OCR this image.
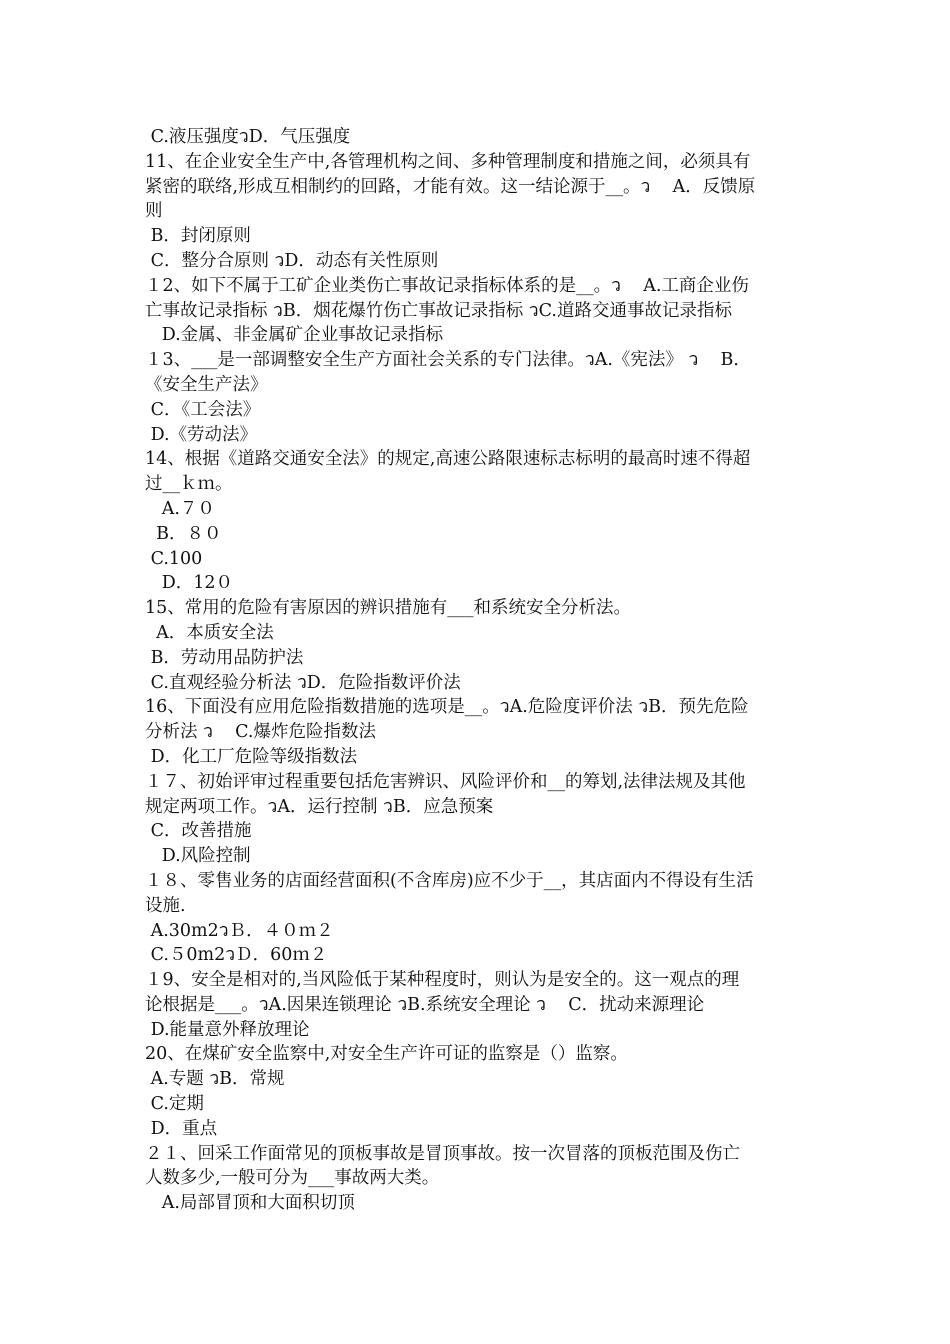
C.液压强度วD．气压强度
11、在企业安全生产中,各管理机构之间、多种管理制度和措施之间，必须具有
紧密的联络,形成互相制约的回路，才能有效。这一结论源于__。ว    A．反馈原
则
B．封闭原则
C．整分合原则 วD．动态有关性原则
１2、如下不属于工矿企业类伤亡事故记录指标体系的是__。ว    A.工商企业伤
亡事故记录指标 วB．烟花爆竹伤亡事故记录指标 วC.道路交通事故记录指标
D.金属、非金属矿企业事故记录指标
１3、___是一部调整安全生产方面社会关系的专门法律。วA.《宪法》 ว    B．
《安全生产法》
C．《工会法》
D.《劳动法》
14、根据《道路交通安全法》的规定,高速公路限速标志标明的最高时速不得超
过__ｋｍ。
A.７０
B．８０
C.100
D．12０
15、常用的危险有害原因的辨识措施有___和系统安全分析法。
A．本质安全法
B．劳动用品防护法
C.直观经验分析法 วD．危险指数评价法
16、下面没有应用危险指数措施的选项是__。วA.危险度评价法 วB．预先危险
分析法 ว    C.爆炸危险指数法
D．化工厂危险等级指数法
１７、初始评审过程重要包括危害辨识、风险评价和__的筹划,法律法规及其他
规定两项工作。วA．运行控制 วB．应急预案
C．改善措施
D.风险控制
１８、零售业务的店面经营面积(不含库房)应不少于__，其店面内不得设有生活
设施.
A.30m2วＢ．４０ｍ２
C.５0m2วＤ．60ｍ２
１9、安全是相对的,当风险低于某种程度时，则认为是安全的。这一观点的理
论根据是___。วA.因果连锁理论 วB.系统安全理论 ว    C．扰动来源理论
D.能量意外释放理论
20、在煤矿安全监察中,对安全生产许可证的监察是（）监察。
A.专题 วB．常规
C.定期
D．重点
２１、回采工作面常见的顶板事故是冒顶事故。按一次冒落的顶板范围及伤亡
人数多少,一般可分为___事故两大类。
A.局部冒顶和大面积切顶
